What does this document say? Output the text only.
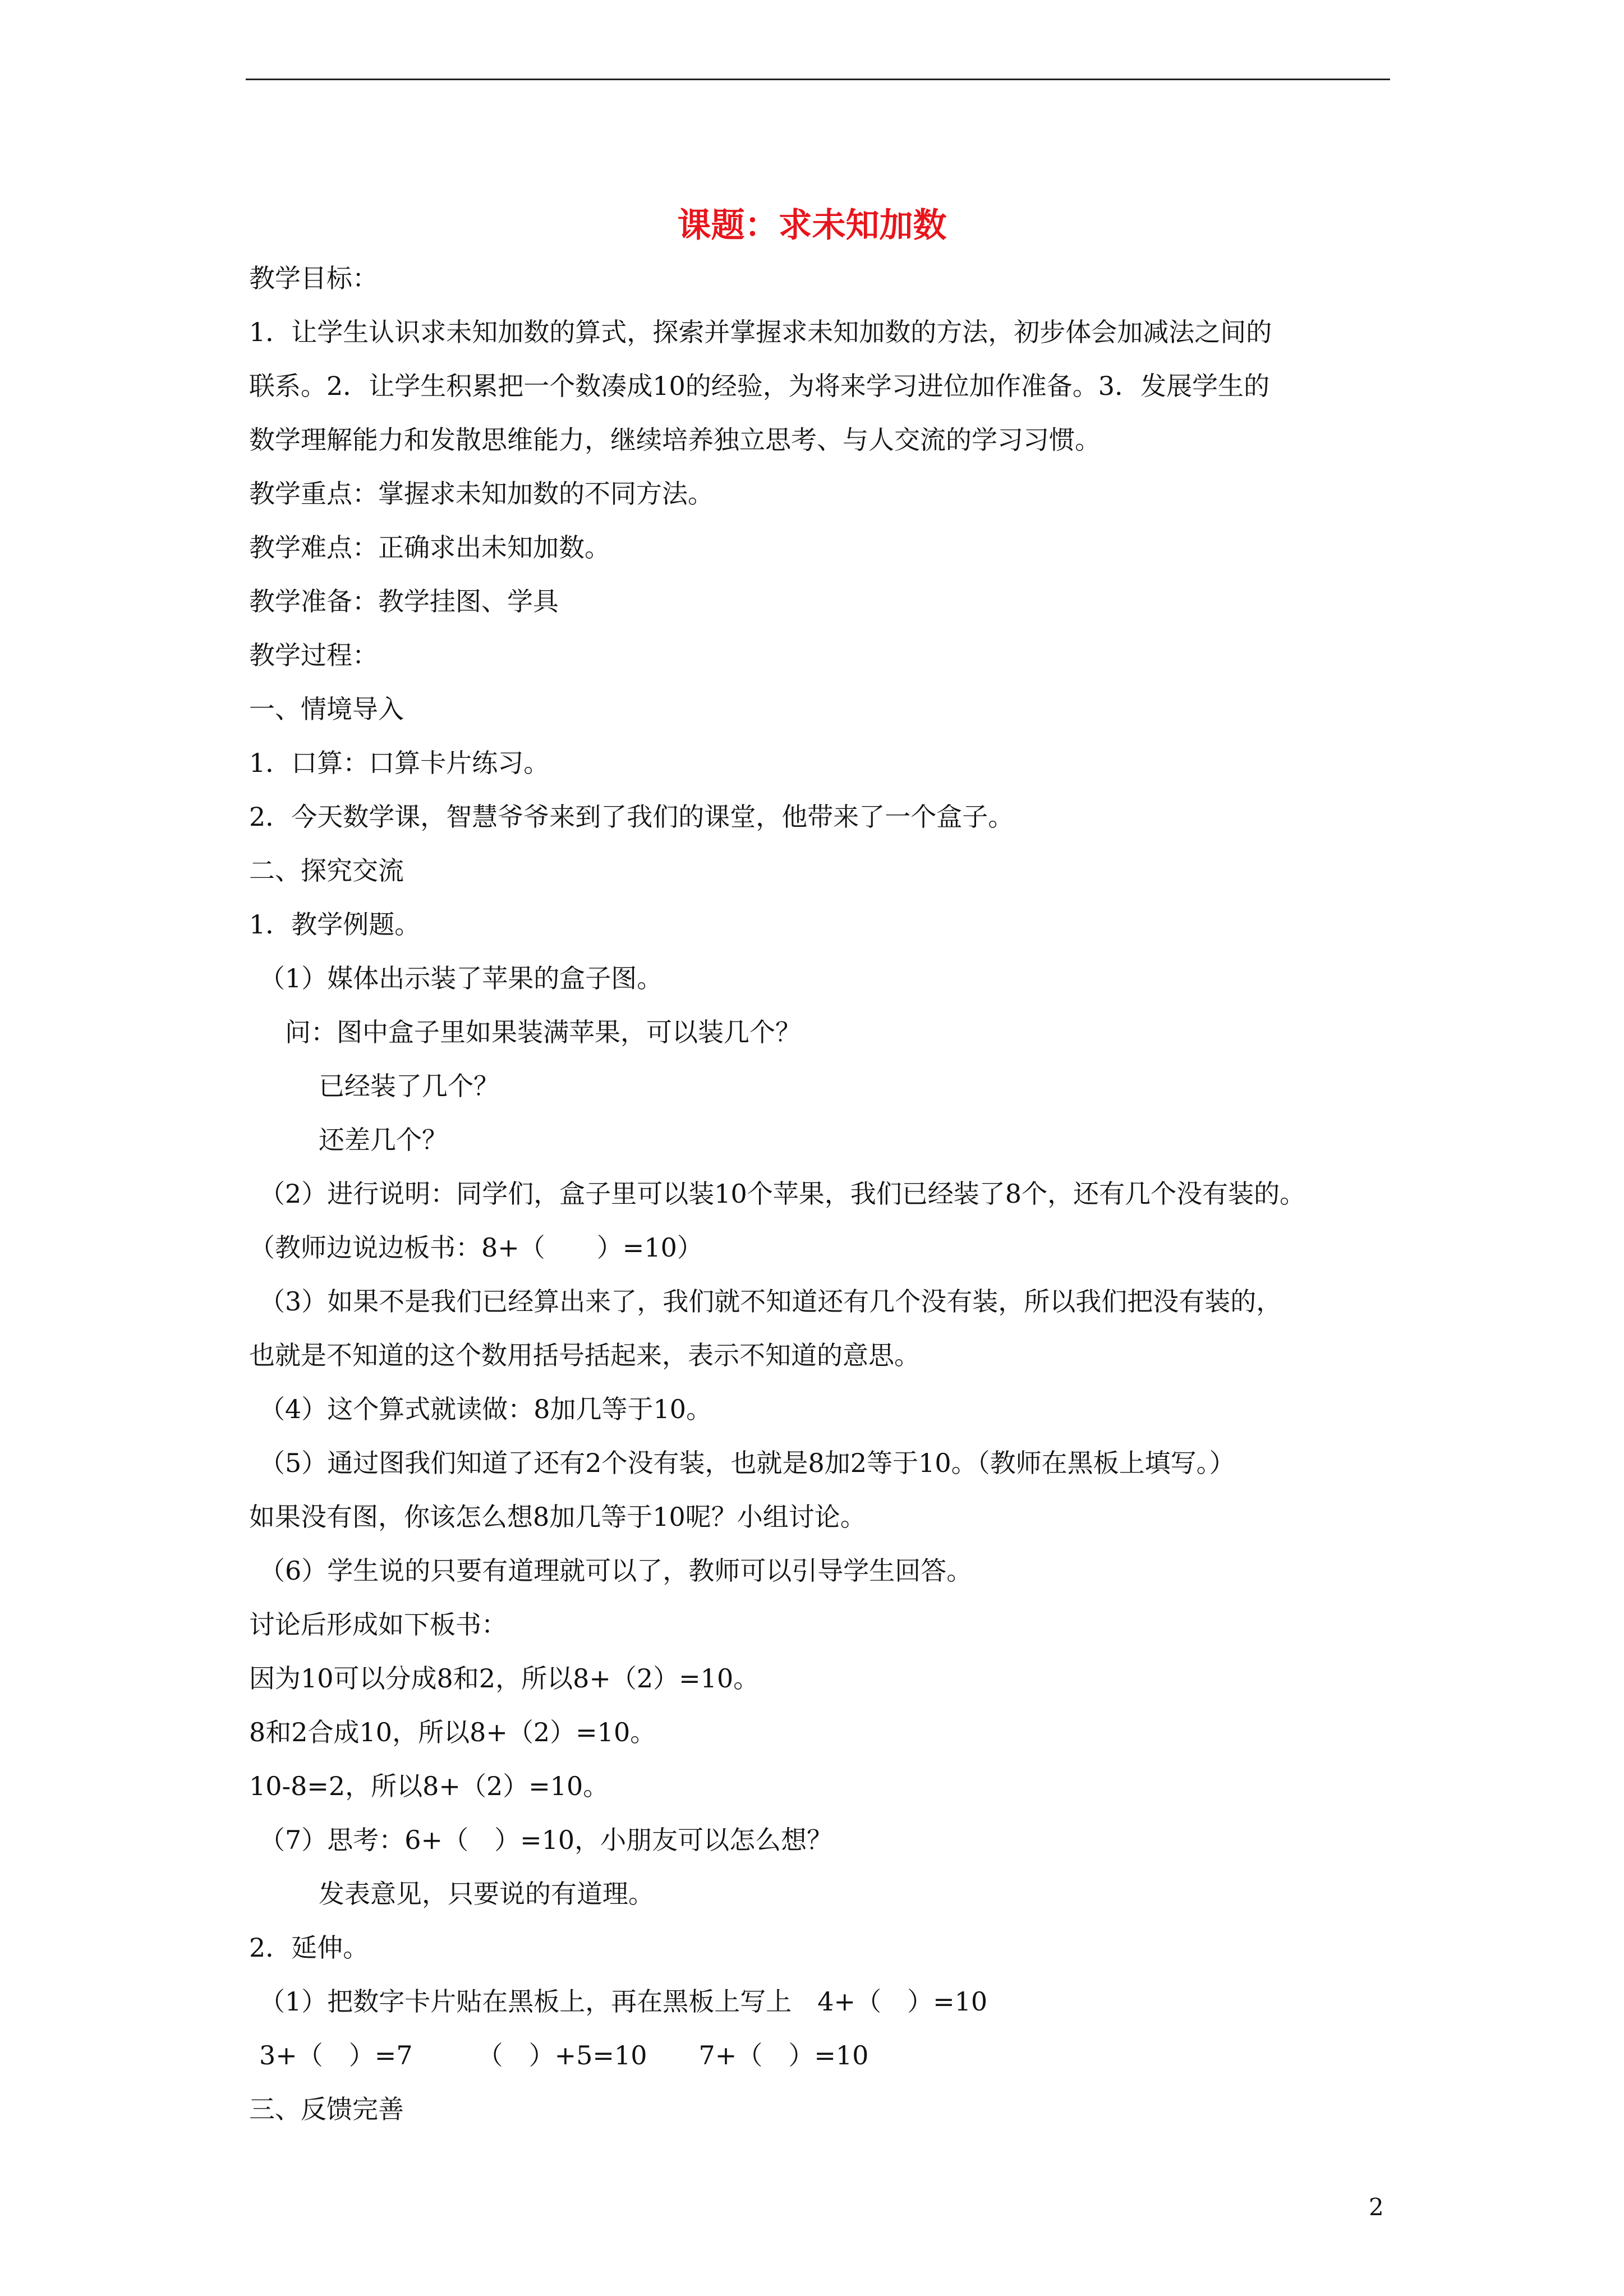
课题：求未知加数
教学目标：
1．让学生认识求未知加数的算式，探索并掌握求未知加数的方法，初步体会加减法之间的
联系。2．让学生积累把一个数凑成10的经验，为将来学习进位加作准备。3．发展学生的
数学理解能力和发散思维能力，继续培养独立思考、与人交流的学习习惯。
教学重点：掌握求未知加数的不同方法。
教学难点：正确求出未知加数。
教学准备：教学挂图、学具
教学过程：
一、情境导入
1．口算：口算卡片练习。
2．今天数学课，智慧爷爷来到了我们的课堂，他带来了一个盒子。
二、探究交流
1．教学例题。
（1）媒体出示装了苹果的盒子图。
问：图中盒子里如果装满苹果，可以装几个？
已经装了几个？
还差几个？
（2）进行说明：同学们，盒子里可以装10个苹果，我们已经装了8个，还有几个没有装的。
（教师边说边板书：8+（　　）=10）
（3）如果不是我们已经算出来了，我们就不知道还有几个没有装，所以我们把没有装的，
也就是不知道的这个数用括号括起来，表示不知道的意思。
（4）这个算式就读做：8加几等于10。
（5）通过图我们知道了还有2个没有装，也就是8加2等于10。（教师在黑板上填写。）
如果没有图，你该怎么想8加几等于10呢？小组讨论。
（6）学生说的只要有道理就可以了，教师可以引导学生回答。
讨论后形成如下板书：
因为10可以分成8和2，所以8+（2）=10。
8和2合成10，所以8+（2）=10。
10-8=2，所以8+（2）=10。
（7）思考：6+（　）=10，小朋友可以怎么想？
发表意见，只要说的有道理。
2．延伸。
（1）把数字卡片贴在黑板上，再在黑板上写上　4+（　）=10
3+（　）=7　　　（　）+5=10　　7+（　）=10
三、反馈完善
2
